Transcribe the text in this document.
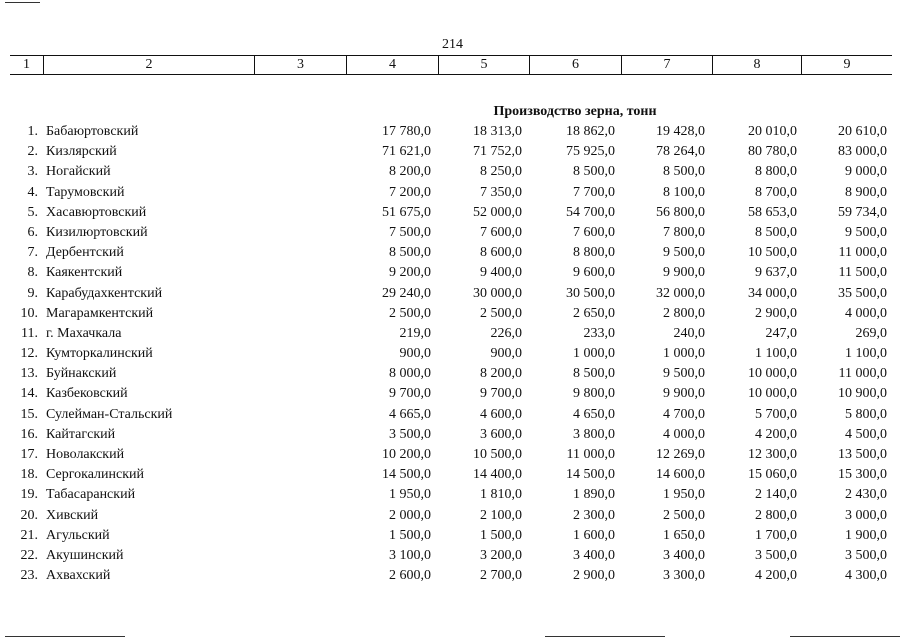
214
1	2	3	4	5	6	7	8	9
Производство зерна, тонн
1. Бабаюртовский	17 780,0	18 313,0	18 862,0	19 428,0	20 010,0	20 610,0
2. Кизлярский	71 621,0	71 752,0	75 925,0	78 264,0	80 780,0	83 000,0
3. Ногайский	8 200,0	8 250,0	8 500,0	8 500,0	8 800,0	9 000,0
4. Тарумовский	7 200,0	7 350,0	7 700,0	8 100,0	8 700,0	8 900,0
5. Хасавюртовский	51 675,0	52 000,0	54 700,0	56 800,0	58 653,0	59 734,0
6. Кизилюртовский	7 500,0	7 600,0	7 600,0	7 800,0	8 500,0	9 500,0
7. Дербентский	8 500,0	8 600,0	8 800,0	9 500,0	10 500,0	11 000,0
8. Каякентский	9 200,0	9 400,0	9 600,0	9 900,0	9 637,0	11 500,0
9. Карабудахкентский	29 240,0	30 000,0	30 500,0	32 000,0	34 000,0	35 500,0
10. Магарамкентский	2 500,0	2 500,0	2 650,0	2 800,0	2 900,0	4 000,0
11. г. Махачкала	219,0	226,0	233,0	240,0	247,0	269,0
12. Кумторкалинский	900,0	900,0	1 000,0	1 000,0	1 100,0	1 100,0
13. Буйнакский	8 000,0	8 200,0	8 500,0	9 500,0	10 000,0	11 000,0
14. Казбековский	9 700,0	9 700,0	9 800,0	9 900,0	10 000,0	10 900,0
15. Сулейман-Стальский	4 665,0	4 600,0	4 650,0	4 700,0	5 700,0	5 800,0
16. Кайтагский	3 500,0	3 600,0	3 800,0	4 000,0	4 200,0	4 500,0
17. Новолакский	10 200,0	10 500,0	11 000,0	12 269,0	12 300,0	13 500,0
18. Сергокалинский	14 500,0	14 400,0	14 500,0	14 600,0	15 060,0	15 300,0
19. Табасаранский	1 950,0	1 810,0	1 890,0	1 950,0	2 140,0	2 430,0
20. Хивский	2 000,0	2 100,0	2 300,0	2 500,0	2 800,0	3 000,0
21. Агульский	1 500,0	1 500,0	1 600,0	1 650,0	1 700,0	1 900,0
22. Акушинский	3 100,0	3 200,0	3 400,0	3 400,0	3 500,0	3 500,0
23. Ахвахский	2 600,0	2 700,0	2 900,0	3 300,0	4 200,0	4 300,0
